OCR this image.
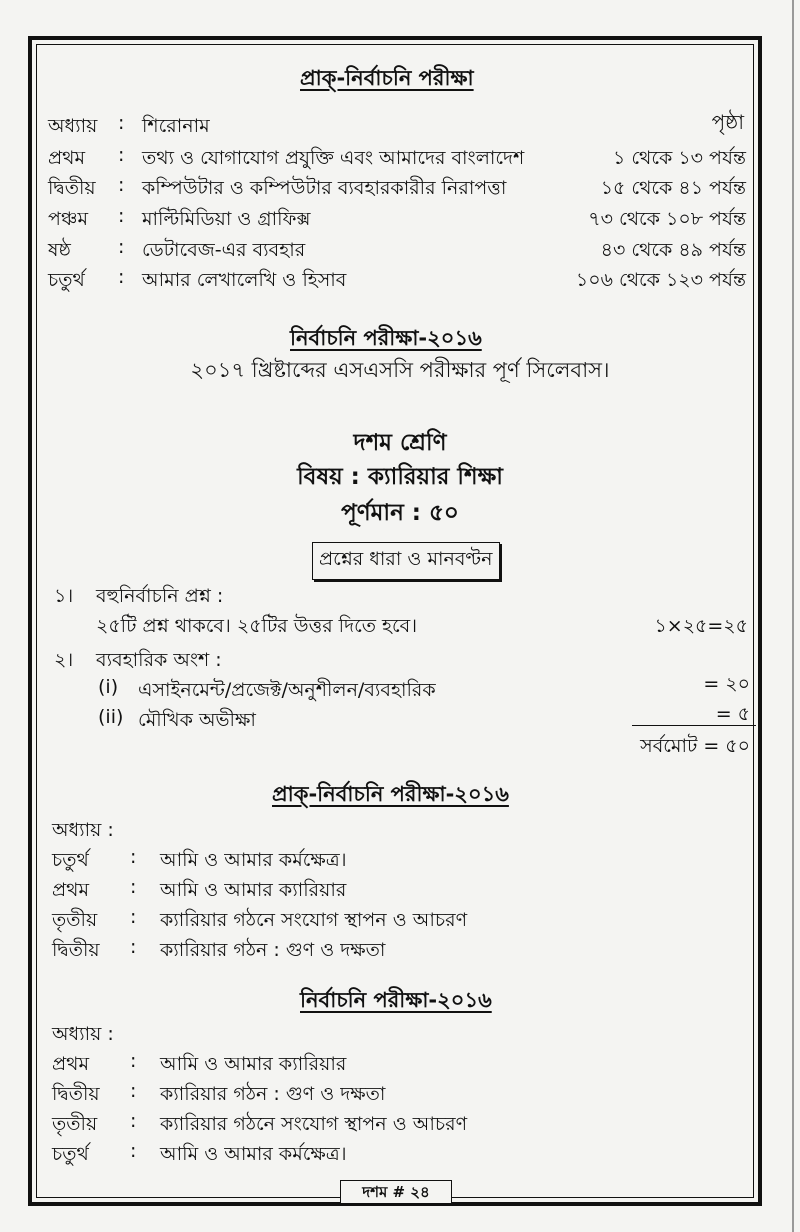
প্রাক্‌-নির্বাচনি পরীক্ষা
অধ্যায় : শিরোনাম	পৃষ্ঠা
প্রথম : তথ্য ও যোগাযোগ প্রযুক্তি এবং আমাদের বাংলাদেশ	১ থেকে ১৩ পর্যন্ত
দ্বিতীয় : কম্পিউটার ও কম্পিউটার ব্যবহারকারীর নিরাপত্তা	১৫ থেকে ৪১ পর্যন্ত
পঞ্চম : মাল্টিমিডিয়া ও গ্রাফিক্স	৭৩ থেকে ১০৮ পর্যন্ত
ষষ্ঠ : ডেটাবেজ-এর ব্যবহার	৪৩ থেকে ৪৯ পর্যন্ত
চতুর্থ : আমার লেখালেখি ও হিসাব	১০৬ থেকে ১২৩ পর্যন্ত
নির্বাচনি পরীক্ষা-২০১৬
২০১৭ খ্রিষ্টাব্দের এসএসসি পরীক্ষার পূর্ণ সিলেবাস।
দশম শ্রেণি
বিষয় : ক্যারিয়ার শিক্ষা
পূর্ণমান : ৫০
প্রশ্নের ধারা ও মানবণ্টন
১। বহুনির্বাচনি প্রশ্ন :
২৫টি প্রশ্ন থাকবে। ২৫টির উত্তর দিতে হবে।	১×২৫=২৫
২। ব্যবহারিক অংশ :
(i) এসাইনমেন্ট/প্রজেক্ট/অনুশীলন/ব্যবহারিক	= ২০
(ii) মৌখিক অভীক্ষা	= ৫
সর্বমোট = ৫০
প্রাক্‌-নির্বাচনি পরীক্ষা-২০১৬
অধ্যায় :
চতুর্থ : আমি ও আমার কর্মক্ষেত্র।
প্রথম : আমি ও আমার ক্যারিয়ার
তৃতীয় : ক্যারিয়ার গঠনে সংযোগ স্থাপন ও আচরণ
দ্বিতীয় : ক্যারিয়ার গঠন : গুণ ও দক্ষতা
নির্বাচনি পরীক্ষা-২০১৬
অধ্যায় :
প্রথম : আমি ও আমার ক্যারিয়ার
দ্বিতীয় : ক্যারিয়ার গঠন : গুণ ও দক্ষতা
তৃতীয় : ক্যারিয়ার গঠনে সংযোগ স্থাপন ও আচরণ
চতুর্থ : আমি ও আমার কর্মক্ষেত্র।
দশম # ২৪
